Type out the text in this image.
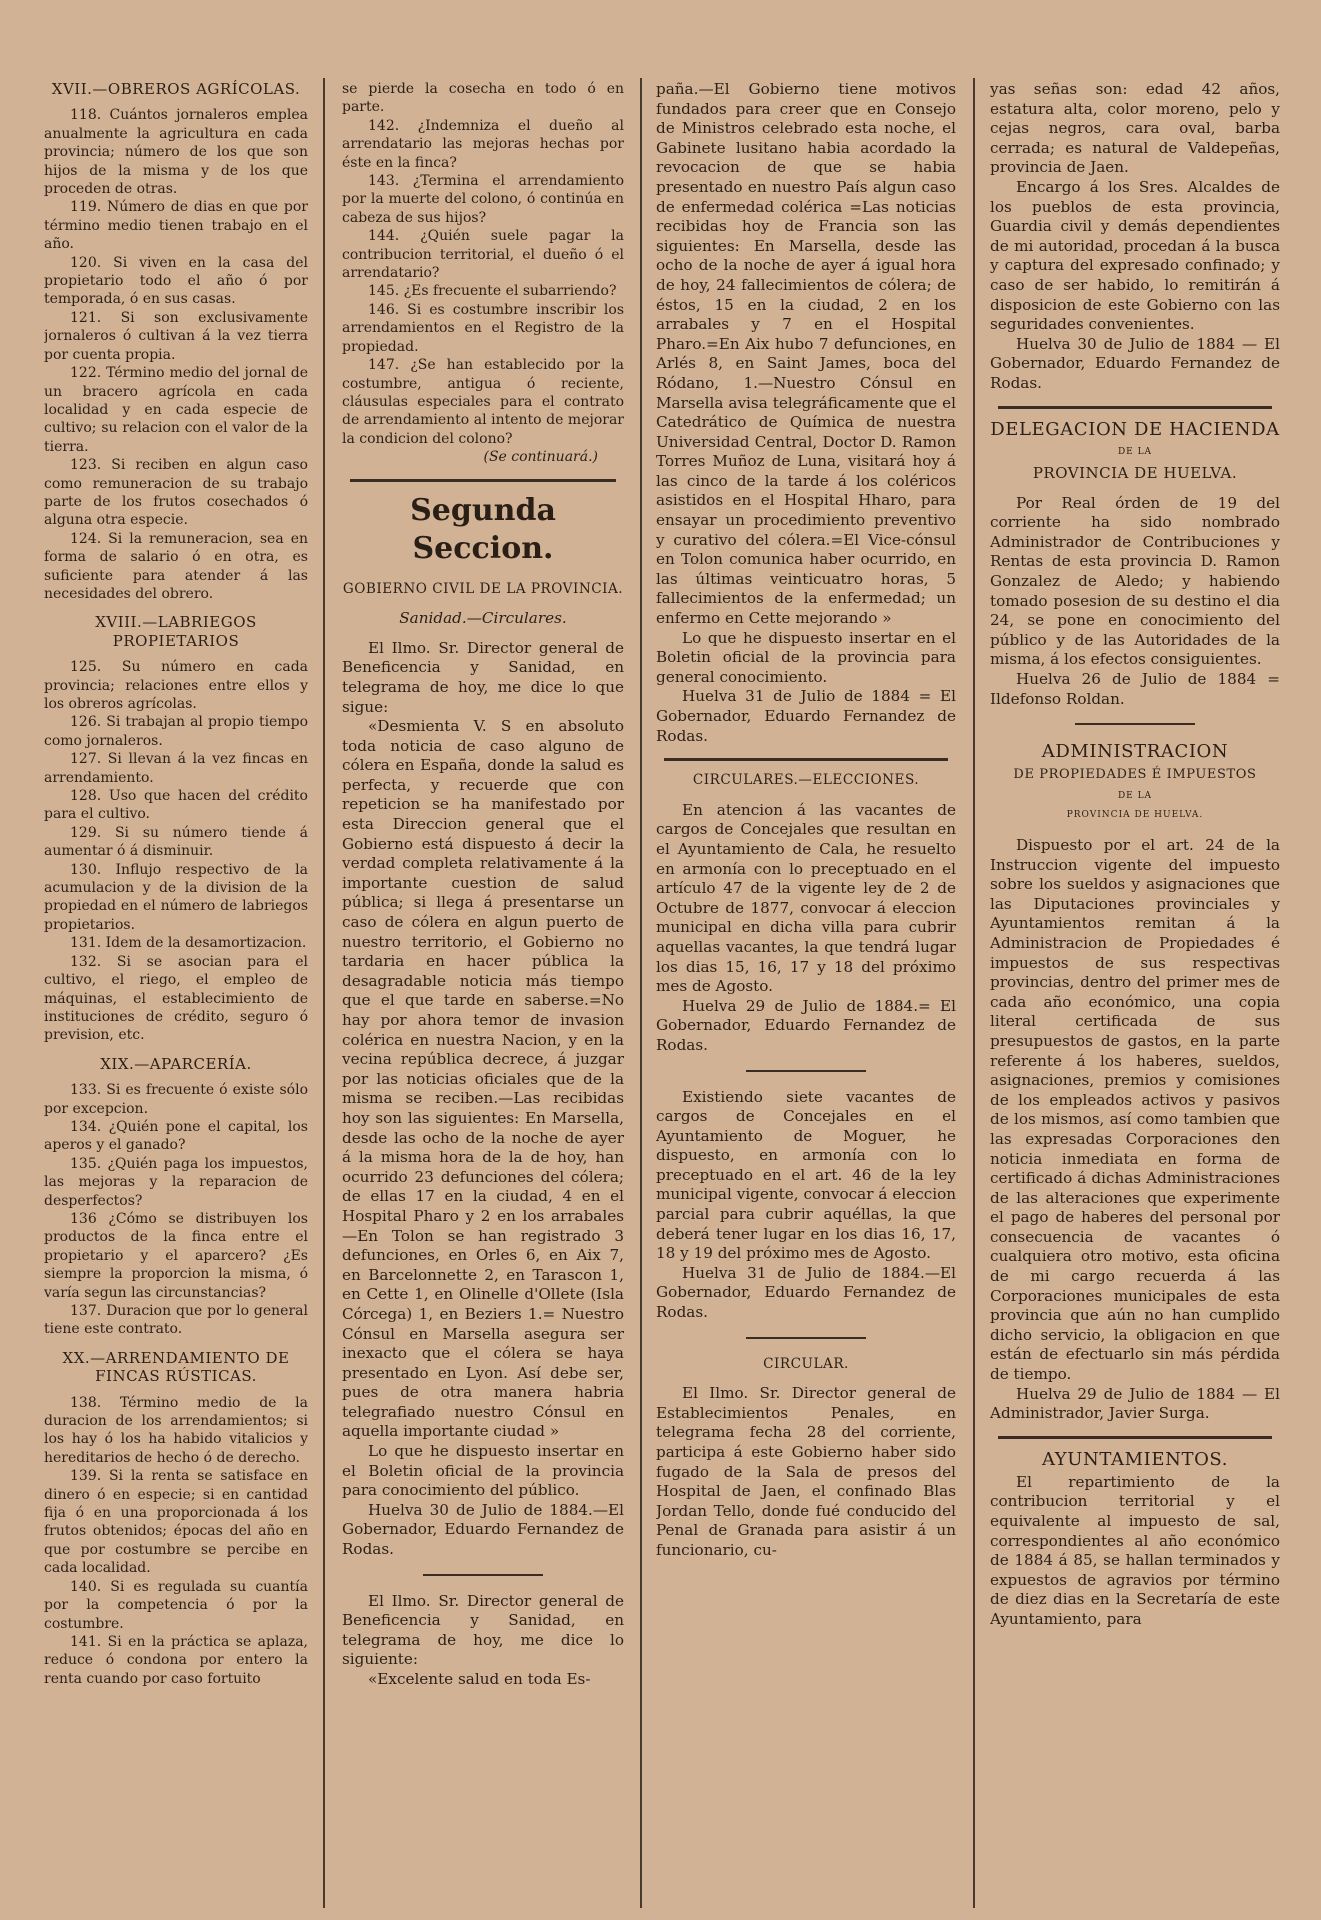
XVII.—OBREROS AGRÍCOLAS.

118. Cuántos jornaleros emplea anualmente la agricultura en cada provincia; número de los que son hijos de la misma y de los que proceden de otras.

119. Número de dias en que por término medio tienen trabajo en el año.

120. Si viven en la casa del propietario todo el año ó por temporada, ó en sus casas.

121. Si son exclusivamente jornaleros ó cultivan á la vez tierra por cuenta propia.

122. Término medio del jornal de un bracero agrícola en cada localidad y en cada especie de cultivo; su relacion con el valor de la tierra.

123. Si reciben en algun caso como remuneracion de su trabajo parte de los frutos cosechados ó alguna otra especie.

124. Si la remuneracion, sea en forma de salario ó en otra, es suficiente para atender á las necesidades del obrero.

XVIII.—LABRIEGOS PROPIETARIOS

125. Su número en cada provincia; relaciones entre ellos y los obreros agrícolas.

126. Si trabajan al propio tiempo como jornaleros.

127. Si llevan á la vez fincas en arrendamiento.

128. Uso que hacen del crédito para el cultivo.

129. Si su número tiende á aumentar ó á disminuir.

130. Influjo respectivo de la acumulacion y de la division de la propiedad en el número de labriegos propietarios.

131. Idem de la desamortizacion.

132. Si se asocian para el cultivo, el riego, el empleo de máquinas, el establecimiento de instituciones de crédito, seguro ó prevision, etc.

XIX.—APARCERÍA.

133. Si es frecuente ó existe sólo por excepcion.

134. ¿Quién pone el capital, los aperos y el ganado?

135. ¿Quién paga los impuestos, las mejoras y la reparacion de desperfectos?

136 ¿Cómo se distribuyen los productos de la finca entre el propietario y el aparcero? ¿Es siempre la proporcion la misma, ó varía segun las circunstancias?

137. Duracion que por lo general tiene este contrato.

XX.—ARRENDAMIENTO DE FINCAS RÚSTICAS.

138. Término medio de la duracion de los arrendamientos; si los hay ó los ha habido vitalicios y hereditarios de hecho ó de derecho.

139. Si la renta se satisface en dinero ó en especie; si en cantidad fija ó en una proporcionada á los frutos obtenidos; épocas del año en que por costumbre se percibe en cada localidad.

140. Si es regulada su cuantía por la competencia ó por la costumbre.

141. Si en la práctica se aplaza, reduce ó condona por entero la renta cuando por caso fortuito

se pierde la cosecha en todo ó en parte.

142. ¿Indemniza el dueño al arrendatario las mejoras hechas por éste en la finca?

143. ¿Termina el arrendamiento por la muerte del colono, ó continúa en cabeza de sus hijos?

144. ¿Quién suele pagar la contribucion territorial, el dueño ó el arrendatario?

145. ¿Es frecuente el subarriendo?

146. Si es costumbre inscribir los arrendamientos en el Registro de la propiedad.

147. ¿Se han establecido por la costumbre, antigua ó reciente, cláusulas especiales para el contrato de arrendamiento al intento de mejorar la condicion del colono?

(Se continuará.)

Segunda Seccion.
GOBIERNO CIVIL DE LA PROVINCIA.
Sanidad.—Circulares.

El Ilmo. Sr. Director general de Beneficencia y Sanidad, en telegrama de hoy, me dice lo que sigue:

«Desmienta V. S en absoluto toda noticia de caso alguno de cólera en España, donde la salud es perfecta, y recuerde que con repeticion se ha manifestado por esta Direccion general que el Gobierno está dispuesto á decir la verdad completa relativamente á la importante cuestion de salud pública; si llega á presentarse un caso de cólera en algun puerto de nuestro territorio, el Gobierno no tardaria en hacer pública la desagradable noticia más tiempo que el que tarde en saberse.=No hay por ahora temor de invasion colérica en nuestra Nacion, y en la vecina república decrece, á juzgar por las noticias oficiales que de la misma se reciben.—Las recibidas hoy son las siguientes: En Marsella, desde las ocho de la noche de ayer á la misma hora de la de hoy, han ocurrido 23 defunciones del cólera; de ellas 17 en la ciudad, 4 en el Hospital Pharo y 2 en los arrabales —En Tolon se han registrado 3 defunciones, en Orles 6, en Aix 7, en Barcelonnette 2, en Tarascon 1, en Cette 1, en Olinelle d'Ollete (Isla Córcega) 1, en Beziers 1.= Nuestro Cónsul en Marsella asegura ser inexacto que el cólera se haya presentado en Lyon. Así debe ser, pues de otra manera habria telegrafiado nuestro Cónsul en aquella importante ciudad »

Lo que he dispuesto insertar en el Boletin oficial de la provincia para conocimiento del público.

Huelva 30 de Julio de 1884.—El Gobernador, Eduardo Fernandez de Rodas.

El Ilmo. Sr. Director general de Beneficencia y Sanidad, en telegrama de hoy, me dice lo siguiente:

«Excelente salud en toda Es-

paña.—El Gobierno tiene motivos fundados para creer que en Consejo de Ministros celebrado esta noche, el Gabinete lusitano habia acordado la revocacion de que se habia presentado en nuestro País algun caso de enfermedad colérica =Las noticias recibidas hoy de Francia son las siguientes: En Marsella, desde las ocho de la noche de ayer á igual hora de hoy, 24 fallecimientos de cólera; de éstos, 15 en la ciudad, 2 en los arrabales y 7 en el Hospital Pharo.=En Aix hubo 7 defunciones, en Arlés 8, en Saint James, boca del Ródano, 1.—Nuestro Cónsul en Marsella avisa telegráficamente que el Catedrático de Química de nuestra Universidad Central, Doctor D. Ramon Torres Muñoz de Luna, visitará hoy á las cinco de la tarde á los coléricos asistidos en el Hospital Hharo, para ensayar un procedimiento preventivo y curativo del cólera.=El Vice-cónsul en Tolon comunica haber ocurrido, en las últimas veinticuatro horas, 5 fallecimientos de la enfermedad; un enfermo en Cette mejorando »

Lo que he dispuesto insertar en el Boletin oficial de la provincia para general conocimiento.

Huelva 31 de Julio de 1884 = El Gobernador, Eduardo Fernandez de Rodas.

CIRCULARES.—ELECCIONES.

En atencion á las vacantes de cargos de Concejales que resultan en el Ayuntamiento de Cala, he resuelto en armonía con lo preceptuado en el artículo 47 de la vigente ley de 2 de Octubre de 1877, convocar á eleccion municipal en dicha villa para cubrir aquellas vacantes, la que tendrá lugar los dias 15, 16, 17 y 18 del próximo mes de Agosto.

Huelva 29 de Julio de 1884.= El Gobernador, Eduardo Fernandez de Rodas.

Existiendo siete vacantes de cargos de Concejales en el Ayuntamiento de Moguer, he dispuesto, en armonía con lo preceptuado en el art. 46 de la ley municipal vigente, convocar á eleccion parcial para cubrir aquéllas, la que deberá tener lugar en los dias 16, 17, 18 y 19 del próximo mes de Agosto.

Huelva 31 de Julio de 1884.—El Gobernador, Eduardo Fernandez de Rodas.

CIRCULAR.

El Ilmo. Sr. Director general de Establecimientos Penales, en telegrama fecha 28 del corriente, participa á este Gobierno haber sido fugado de la Sala de presos del Hospital de Jaen, el confinado Blas Jordan Tello, donde fué conducido del Penal de Granada para asistir á un funcionario, cu-

yas señas son: edad 42 años, estatura alta, color moreno, pelo y cejas negros, cara oval, barba cerrada; es natural de Valdepeñas, provincia de Jaen.

Encargo á los Sres. Alcaldes de los pueblos de esta provincia, Guardia civil y demás dependientes de mi autoridad, procedan á la busca y captura del expresado confinado; y caso de ser habido, lo remitirán á disposicion de este Gobierno con las seguridades convenientes.

Huelva 30 de Julio de 1884 — El Gobernador, Eduardo Fernandez de Rodas.

DELEGACION DE HACIENDA
DE LA
PROVINCIA DE HUELVA.

Por Real órden de 19 del corriente ha sido nombrado Administrador de Contribuciones y Rentas de esta provincia D. Ramon Gonzalez de Aledo; y habiendo tomado posesion de su destino el dia 24, se pone en conocimiento del público y de las Autoridades de la misma, á los efectos consiguientes.

Huelva 26 de Julio de 1884 = Ildefonso Roldan.

ADMINISTRACION
DE PROPIEDADES É IMPUESTOS
DE LA
PROVINCIA DE HUELVA.

Dispuesto por el art. 24 de la Instruccion vigente del impuesto sobre los sueldos y asignaciones que las Diputaciones provinciales y Ayuntamientos remitan á la Administracion de Propiedades é impuestos de sus respectivas provincias, dentro del primer mes de cada año económico, una copia literal certificada de sus presupuestos de gastos, en la parte referente á los haberes, sueldos, asignaciones, premios y comisiones de los empleados activos y pasivos de los mismos, así como tambien que las expresadas Corporaciones den noticia inmediata en forma de certificado á dichas Administraciones de las alteraciones que experimente el pago de haberes del personal por consecuencia de vacantes ó cualquiera otro motivo, esta oficina de mi cargo recuerda á las Corporaciones municipales de esta provincia que aún no han cumplido dicho servicio, la obligacion en que están de efectuarlo sin más pérdida de tiempo.

Huelva 29 de Julio de 1884 — El Administrador, Javier Surga.

AYUNTAMIENTOS.

El repartimiento de la contribucion territorial y el equivalente al impuesto de sal, correspondientes al año económico de 1884 á 85, se hallan terminados y expuestos de agravios por término de diez dias en la Secretaría de este Ayuntamiento, para
